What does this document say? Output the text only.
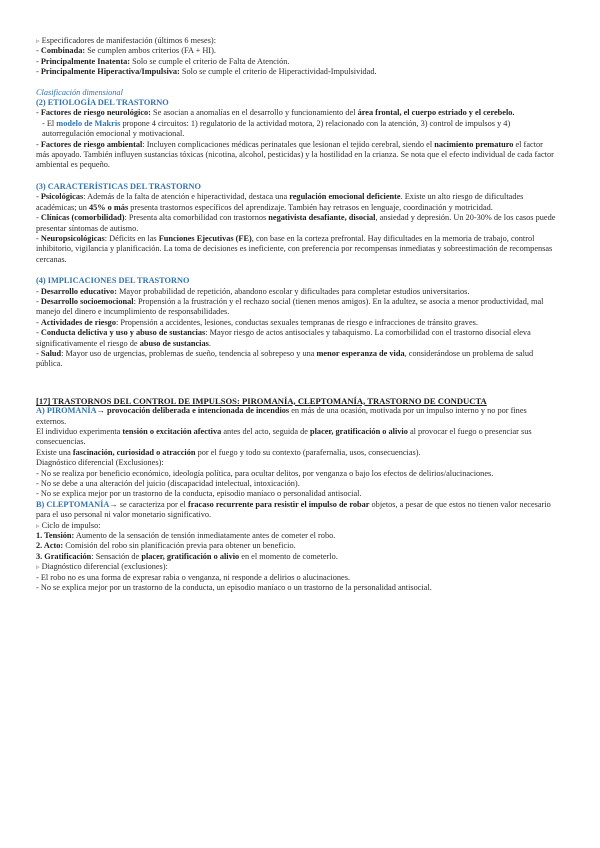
▹ Especificadores de manifestación (últimos 6 meses):
- Combinada: Se cumplen ambos criterios (FA + HI).
- Principalmente Inatenta: Solo se cumple el criterio de Falta de Atención.
- Principalmente Hiperactiva/Impulsiva: Solo se cumple el criterio de Hiperactividad-Impulsividad.
Clasificación dimensional
(2) ETIOLOGÍA DEL TRASTORNO
- Factores de riesgo neurológico: Se asocian a anomalías en el desarrollo y funcionamiento del área frontal, el cuerpo estriado y el cerebelo.
- El modelo de Makris propone 4 circuitos: 1) regulatorio de la actividad motora, 2) relacionado con la atención, 3) control de impulsos y 4) autorregulación emocional y motivacional.
- Factores de riesgo ambiental: Incluyen complicaciones médicas perinatales que lesionan el tejido cerebral, siendo el nacimiento prematuro el factor más apoyado. También influyen sustancias tóxicas (nicotina, alcohol, pesticidas) y la hostilidad en la crianza. Se nota que el efecto individual de cada factor ambiental es pequeño.
(3) CARACTERÍSTICAS DEL TRASTORNO
- Psicológicas: Además de la falta de atención e hiperactividad, destaca una regulación emocional deficiente. Existe un alto riesgo de dificultades académicas; un 45% o más presenta trastornos específicos del aprendizaje. También hay retrasos en lenguaje, coordinación y motricidad.
- Clínicas (comorbilidad): Presenta alta comorbilidad con trastornos negativista desafiante, disocial, ansiedad y depresión. Un 20-30% de los casos puede presentar síntomas de autismo.
- Neuropsicológicas: Déficits en las Funciones Ejecutivas (FE), con base en la corteza prefrontal. Hay dificultades en la memoria de trabajo, control inhibitorio, vigilancia y planificación. La toma de decisiones es ineficiente, con preferencia por recompensas inmediatas y sobreestimación de recompensas cercanas.
(4) IMPLICACIONES DEL TRASTORNO
- Desarrollo educativo: Mayor probabilidad de repetición, abandono escolar y dificultades para completar estudios universitarios.
- Desarrollo socioemocional: Propensión a la frustración y el rechazo social (tienen menos amigos). En la adultez, se asocia a menor productividad, mal manejo del dinero e incumplimiento de responsabilidades.
- Actividades de riesgo: Propensión a accidentes, lesiones, conductas sexuales tempranas de riesgo e infracciones de tránsito graves.
- Conducta delictiva y uso y abuso de sustancias: Mayor riesgo de actos antisociales y tabaquismo. La comorbilidad con el trastorno disocial eleva significativamente el riesgo de abuso de sustancias.
- Salud: Mayor uso de urgencias, problemas de sueño, tendencia al sobrepeso y una menor esperanza de vida, considerándose un problema de salud pública.
[17] TRASTORNOS DEL CONTROL DE IMPULSOS: PIROMANÍA, CLEPTOMANÍA, TRASTORNO DE CONDUCTA
A) PIROMANÍA→ provocación deliberada e intencionada de incendios en más de una ocasión, motivada por un impulso interno y no por fines externos.
El individuo experimenta tensión o excitación afectiva antes del acto, seguida de placer, gratificación o alivio al provocar el fuego o presenciar sus consecuencias.
Existe una fascinación, curiosidad o atracción por el fuego y todo su contexto (parafernalia, usos, consecuencias).
Diagnóstico diferencial (Exclusiones):
- No se realiza por beneficio económico, ideología política, para ocultar delitos, por venganza o bajo los efectos de delirios/alucinaciones.
- No se debe a una alteración del juicio (discapacidad intelectual, intoxicación).
- No se explica mejor por un trastorno de la conducta, episodio maníaco o personalidad antisocial.
B) CLEPTOMANÍA→ se caracteriza por el fracaso recurrente para resistir el impulso de robar objetos, a pesar de que estos no tienen valor necesario para el uso personal ni valor monetario significativo.
▹ Ciclo de impulso:
1. Tensión: Aumento de la sensación de tensión inmediatamente antes de cometer el robo.
2. Acto: Comisión del robo sin planificación previa para obtener un beneficio.
3. Gratificación: Sensación de placer, gratificación o alivio en el momento de cometerlo.
▹ Diagnóstico diferencial (exclusiones):
- El robo no es una forma de expresar rabia o venganza, ni responde a delirios o alucinaciones.
- No se explica mejor por un trastorno de la conducta, un episodio maníaco o un trastorno de la personalidad antisocial.
